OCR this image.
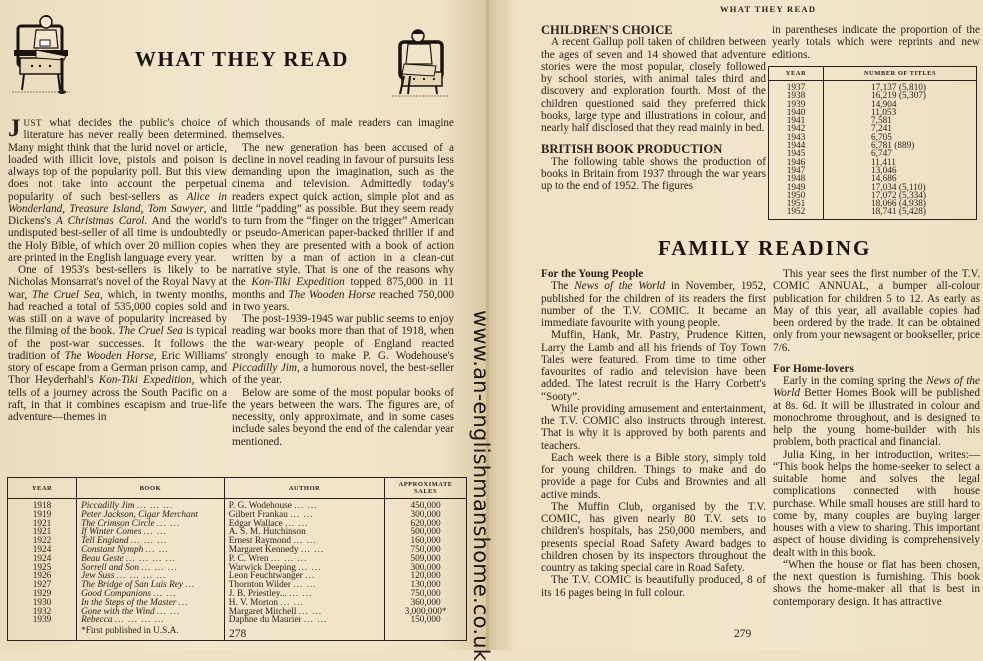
WHAT THEY READ
WHAT THEY READ

JUST what decides the public's choice of literature has never really been determined. Many might think that the lurid novel or article, loaded with illicit love, pistols and poison is always top of the popularity poll. But this view does not take into account the perpetual popularity of such best-sellers as Alice in Wonderland, Treasure Island, Tom Sawyer, and Dickens's A Christmas Carol. And the world's undisputed best-seller of all time is undoubtedly the Holy Bible, of which over 20 million copies are printed in the English language every year.

One of 1953's best-sellers is likely to be Nicholas Monsarrat's novel of the Royal Navy at war, The Cruel Sea, which, in twenty months, had reached a total of 535,000 copies sold and was still on a wave of popularity increased by the filming of the book. The Cruel Sea is typical of the post-war successes. It follows the tradition of The Wooden Horse, Eric Williams' story of escape from a German prison camp, and Thor Heyderhahl's Kon-Tiki Expedition, which tells of a journey across the South Pacific on a raft, in that it combines escapism and true-life adventure—themes in

which thousands of male readers can imagine themselves.

The new generation has been accused of a decline in novel reading in favour of pursuits less demanding upon the imagination, such as the cinema and television. Admittedly today's readers expect quick action, simple plot and as little “padding” as possible. But they seem ready to turn from the “finger on the trigger” American or pseudo-American paper-backed thriller if and when they are presented with a book of action written by a man of action in a clean-cut narrative style. That is one of the reasons why the Kon-Tiki Expedition topped 875,000 in 11 months and The Wooden Horse reached 750,000 in two years.

The post-1939-1945 war public seems to enjoy reading war books more than that of 1918, when the war-weary people of England reacted strongly enough to make P. G. Wodehouse's Piccadilly Jim, a humorous novel, the best-seller of the year.

Below are some of the most popular books of the years between the wars. The figures are, of necessity, only approximate, and in some cases include sales beyond the end of the calendar year mentioned.

YEAR	BOOK	AUTHOR	APPROXIMATE SALES
1918	Piccadilly Jim ... ... ...	P. G. Wodehouse ... ...	450,000
1919	Peter Jackson, Cigar Merchant	Gilbert Frankau ... ...	300,000
1921	The Crimson Circle ... ...	Edgar Wallace ... ...	620,000
1921	If Winter Comes ... ...	A. S. M. Hutchinson	500,000
1922	Tell England ... ... ...	Ernest Raymond ... ...	160,000
1924	Constant Nymph ... ...	Margaret Kennedy ... ...	750,000
1924	Beau Geste ... ... ... ...	P. C. Wren ... ... ...	509,000
1925	Sorrell and Son ... ... ...	Warwick Deeping ... ...	300,000
1926	Jew Suss ... ... ... ...	Leon Feuchtwanger ...	120,000
1927	The Bridge of San Luis Rey ...	Thornton Wilder ... ...	130,000
1929	Good Companions ... ...	J. B. Priestley... ... ...	750,000
1930	In the Steps of the Master ...	H. V. Morton ... ...	360,000
1932	Gone with the Wind ... ...	Margaret Mitchell ... ...	3,000,000*
1939	Rebecca ... ... ... ...	Daphne du Maurier ... ...	150,000
	*First published in U.S.A.			278

CHILDREN'S CHOICE

A recent Gallup poll taken of children between the ages of seven and 14 showed that adventure stories were the most popular, closely followed by school stories, with animal tales third and discovery and exploration fourth. Most of the children questioned said they preferred thick books, large type and illustrations in colour, and nearly half disclosed that they read mainly in bed.

BRITISH BOOK PRODUCTION

The following table shows the production of books in Britain from 1937 through the war years up to the end of 1952. The figures

in parentheses indicate the proportion of the yearly totals which were reprints and new editions.

YEAR	NUMBER OF TITLES
1937	17,137 (5,810)
1938	16,219 (5,307)
1939	14,904
1940	11,053
1941	7,581
1942	7,241
1943	6,705
1944	6,781 (889)
1945	6,747
1946	11,411
1947	13,046
1948	14,686
1949	17,034 (5,110)
1950	17,072 (5,334)
1951	18,066 (4,938)
1952	18,741 (5,428)
FAMILY READING

For the Young People

The News of the World in November, 1952, published for the children of its readers the first number of the T.V. COMIC. It became an immediate favourite with young people.

Muffin, Hank, Mr. Pastry, Prudence Kitten, Larry the Lamb and all his friends of Toy Town Tales were featured. From time to time other favourites of radio and television have been added. The latest recruit is the Harry Corbett's “Sooty”.

While providing amusement and entertainment, the T.V. COMIC also instructs through interest. That is why it is approved by both parents and teachers.

Each week there is a Bible story, simply told for young children. Things to make and do provide a page for Cubs and Brownies and all active minds.

The Muffin Club, organised by the T.V. COMIC, has given nearly 80 T.V. sets to children's hospitals, has 250,000 members, and presents special Road Safety Award badges to children chosen by its inspectors throughout the country as taking special care in Road Safety.

The T.V. COMIC is beautifully produced, 8 of its 16 pages being in full colour.

This year sees the first number of the T.V. COMIC ANNUAL, a bumper all-colour publication for children 5 to 12. As early as May of this year, all available copies had been ordered by the trade. It can be obtained only from your newsagent or bookseller, price 7/6.

For Home-lovers

Early in the coming spring the News of the World Better Homes Book will be published at 8s. 6d. It will be illustrated in colour and monochrome throughout, and is designed to help the young home-builder with his problem, both practical and financial.

Julia King, in her introduction, writes:— “This book helps the home-seeker to select a suitable home and solves the legal complications connected with house purchase. While small houses are still hard to come by, many couples are buying larger houses with a view to sharing. This important aspect of house dividing is comprehensively dealt with in this book.

“When the house or flat has been chosen, the next question is furnishing. This book shows the home-maker all that is best in contemporary design. It has attractive

279
www.an-englishmanshome.co.uk
